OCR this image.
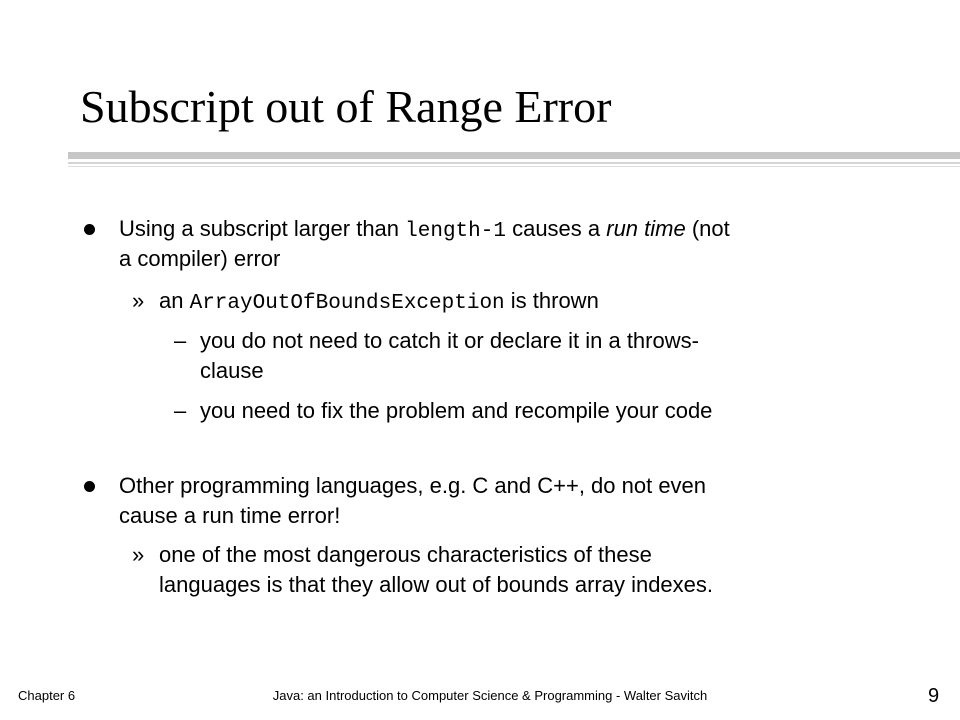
Subscript out of Range Error
Using a subscript larger than length-1 causes a run time (not
a compiler) error
» an ArrayOutOfBoundsException is thrown
– you do not need to catch it or declare it in a throws-
clause
– you need to fix the problem and recompile your code
Other programming languages, e.g. C and C++, do not even
cause a run time error!
» one of the most dangerous characteristics of these
languages is that they allow out of bounds array indexes.
Chapter 6	Java: an Introduction to Computer Science & Programming - Walter Savitch	9
